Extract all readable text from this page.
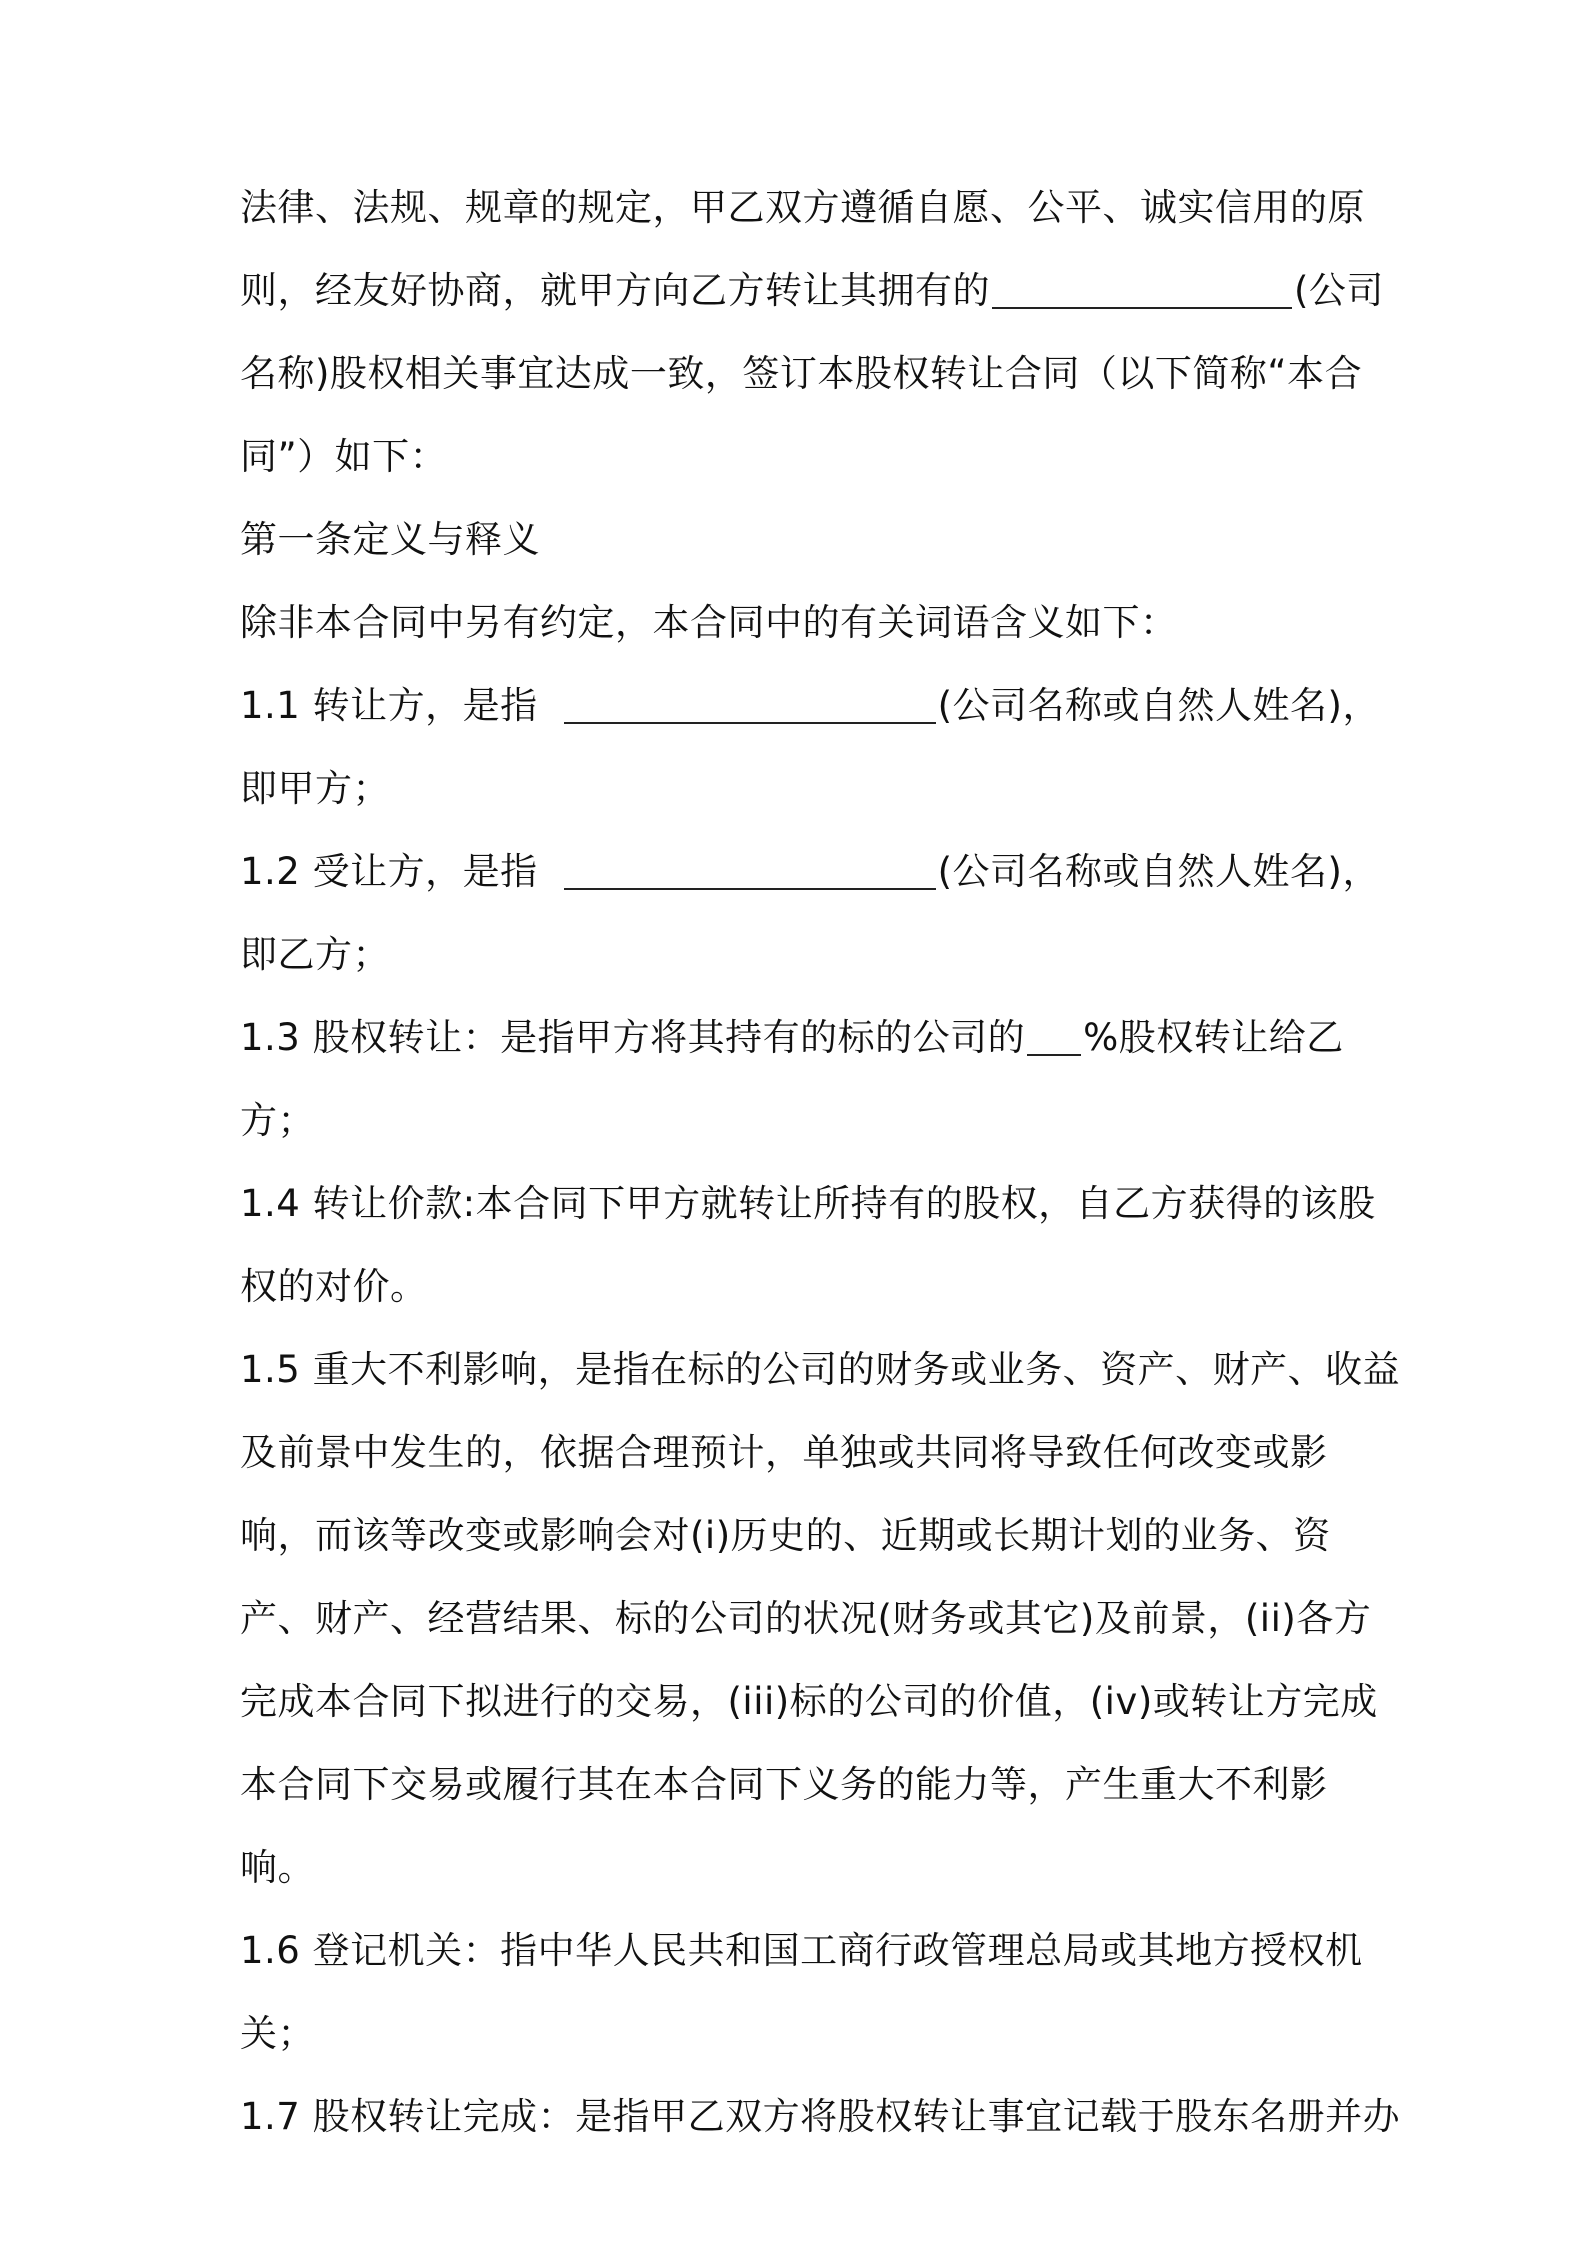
法律、法规、规章的规定，甲乙双方遵循自愿、公平、诚实信用的原
则，经友好协商，就甲方向乙方转让其拥有的	(公司
名称)股权相关事宜达成一致，签订本股权转让合同（以下简称“本合
同”）如下：
第一条定义与释义
除非本合同中另有约定，本合同中的有关词语含义如下：
1.1 转让方，是指	(公司名称或自然人姓名)，
即甲方；
1.2 受让方，是指	(公司名称或自然人姓名)，
即乙方；
1.3 股权转让：是指甲方将其持有的标的公司的 %股权转让给乙
方；
1.4 转让价款:本合同下甲方就转让所持有的股权，自乙方获得的该股
权的对价。
1.5 重大不利影响，是指在标的公司的财务或业务、资产、财产、收益
及前景中发生的，依据合理预计，单独或共同将导致任何改变或影
响，而该等改变或影响会对(i)历史的、近期或长期计划的业务、资
产、财产、经营结果、标的公司的状况(财务或其它)及前景，(ii)各方
完成本合同下拟进行的交易，(iii)标的公司的价值，(iv)或转让方完成
本合同下交易或履行其在本合同下义务的能力等，产生重大不利影
响。
1.6 登记机关：指中华人民共和国工商行政管理总局或其地方授权机
关；
1.7 股权转让完成：是指甲乙双方将股权转让事宜记载于股东名册并办
